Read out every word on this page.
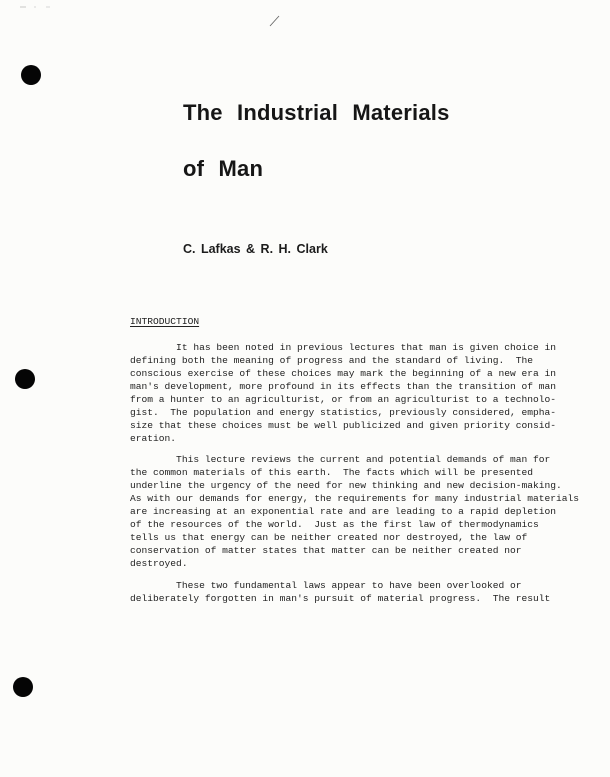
The Industrial Materials
of Man
C. Lafkas & R. H. Clark
INTRODUCTION
It has been noted in previous lectures that man is given choice in
defining both the meaning of progress and the standard of living.  The
conscious exercise of these choices may mark the beginning of a new era in
man's development, more profound in its effects than the transition of man
from a hunter to an agriculturist, or from an agriculturist to a technolo-
gist.  The population and energy statistics, previously considered, empha-
size that these choices must be well publicized and given priority consid-
eration.
This lecture reviews the current and potential demands of man for
the common materials of this earth.  The facts which will be presented
underline the urgency of the need for new thinking and new decision-making.
As with our demands for energy, the requirements for many industrial materials
are increasing at an exponential rate and are leading to a rapid depletion
of the resources of the world.  Just as the first law of thermodynamics
tells us that energy can be neither created nor destroyed, the law of
conservation of matter states that matter can be neither created nor
destroyed.
These two fundamental laws appear to have been overlooked or
deliberately forgotten in man's pursuit of material progress.  The result
